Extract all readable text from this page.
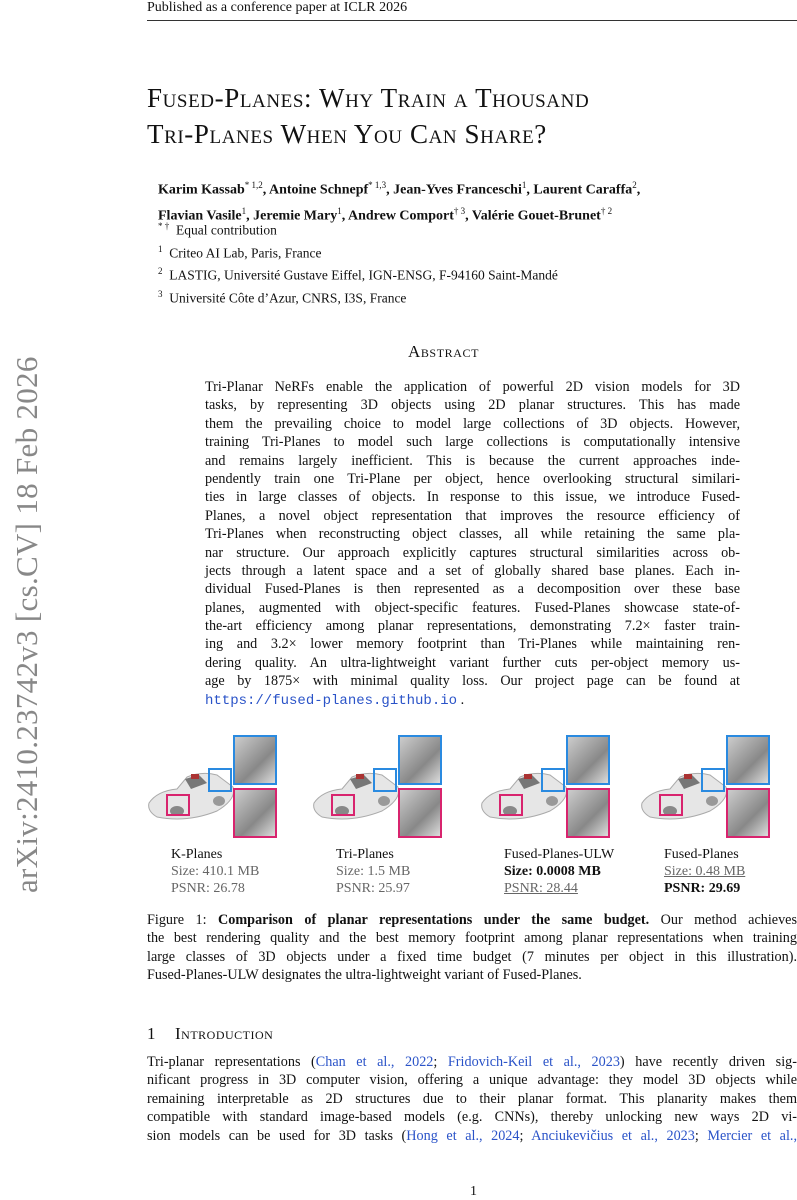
Published as a conference paper at ICLR 2026
arXiv:2410.23742v3 [cs.CV] 18 Feb 2026
Fused-Planes: Why Train a Thousand
Tri-Planes When You Can Share?
Karim Kassab$^{* 1,2}$, Antoine Schnepf$^{* 1,3}$, Jean-Yves Franceschi$^1$, Laurent Caraffa$^2$,
Flavian Vasile$^1$, Jeremie Mary$^1$, Andrew Comport$^{\dagger 3}$, Valérie Gouet-Brunet$^{\dagger 2}$
* † Equal contribution
$^1$ Criteo AI Lab, Paris, France
$^2$ LASTIG, Université Gustave Eiffel, IGN-ENSG, F-94160 Saint-Mandé
$^3$ Université Côte d’Azur, CNRS, I3S, France
Abstract
Tri-Planar NeRFs enable the application of powerful 2D vision models for 3D
tasks, by representing 3D objects using 2D planar structures. This has made
them the prevailing choice to model large collections of 3D objects. However,
training Tri-Planes to model such large collections is computationally intensive
and remains largely inefficient. This is because the current approaches inde-
pendently train one Tri-Plane per object, hence overlooking structural similari-
ties in large classes of objects. In response to this issue, we introduce Fused-
Planes, a novel object representation that improves the resource efficiency of
Tri-Planes when reconstructing object classes, all while retaining the same pla-
nar structure. Our approach explicitly captures structural similarities across ob-
jects through a latent space and a set of globally shared base planes. Each in-
dividual Fused-Planes is then represented as a decomposition over these base
planes, augmented with object-specific features. Fused-Planes showcase state-of-
the-art efficiency among planar representations, demonstrating 7.2× faster train-
ing and 3.2× lower memory footprint than Tri-Planes while maintaining ren-
dering quality. An ultra-lightweight variant further cuts per-object memory us-
age by 1875× with minimal quality loss. Our project page can be found at
https://fused-planes.github.io .
K-Planes
Size: 410.1 MB
PSNR: 26.78
Tri-Planes
Size: 1.5 MB
PSNR: 25.97
Fused-Planes-ULW
Size: 0.0008 MB
PSNR: 28.44
Fused-Planes
Size: 0.48 MB
PSNR: 29.69
Figure 1: Comparison of planar representations under the same budget. Our method achieves
the best rendering quality and the best memory footprint among planar representations when training
large classes of 3D objects under a fixed time budget (7 minutes per object in this illustration).
Fused-Planes-ULW designates the ultra-lightweight variant of Fused-Planes.
1 Introduction
Tri-planar representations (Chan et al., 2022; Fridovich-Keil et al., 2023) have recently driven sig-
nificant progress in 3D computer vision, offering a unique advantage: they model 3D objects while
remaining interpretable as 2D structures due to their planar format. This planarity makes them
compatible with standard image-based models (e.g. CNNs), thereby unlocking new ways 2D vi-
sion models can be used for 3D tasks (Hong et al., 2024; Anciukevičius et al., 2023; Mercier et al.,
1
